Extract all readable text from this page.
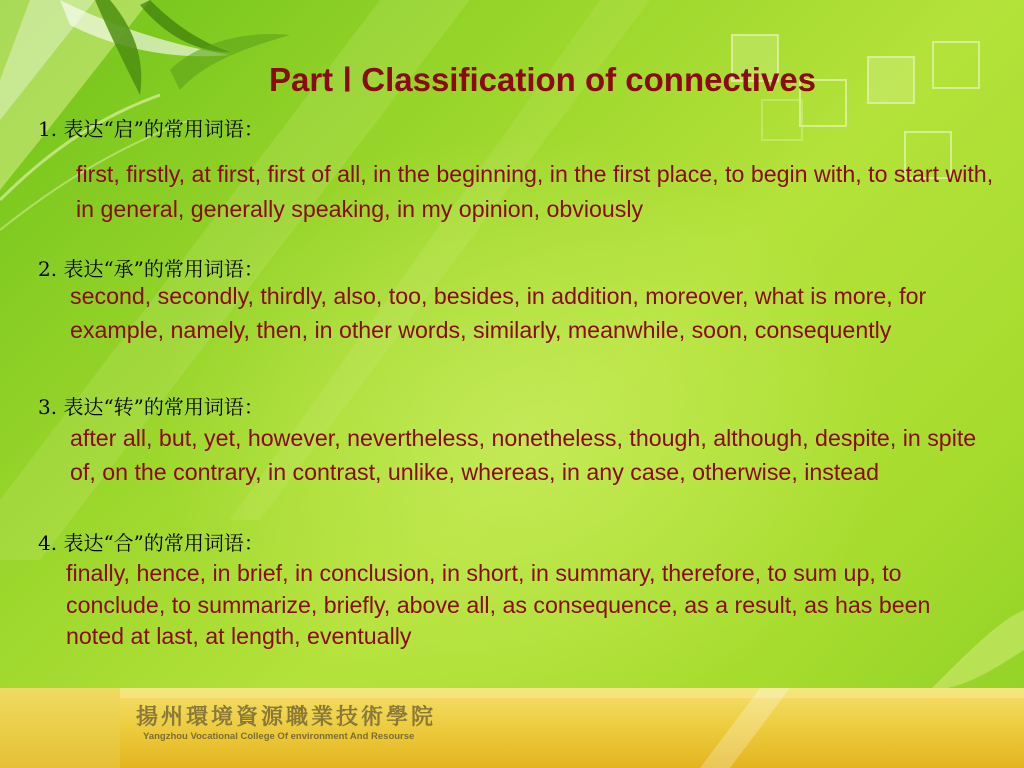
Part Ⅰ Classification of connectives

1. 表达“启”的常用词语：

first, firstly, at first, first of all, in the beginning, in the first place, to begin with, to start with, in general, generally speaking, in my opinion, obviously

2. 表达“承”的常用词语：

second, secondly, thirdly, also, too, besides, in addition, moreover, what is more, for example, namely, then, in other words, similarly, meanwhile, soon, consequently

3. 表达“转”的常用词语：

after all, but, yet, however, nevertheless, nonetheless, though, although, despite, in spite of, on the contrary, in contrast, unlike, whereas, in any case, otherwise, instead

4. 表达“合”的常用词语：

finally, hence, in brief, in conclusion, in short, in summary, therefore, to sum up, to conclude, to summarize, briefly, above all, as consequence, as a result, as has been noted at last, at length, eventually

揚州環境資源職業技術學院

Yangzhou Vocational College Of environment And Resourse
